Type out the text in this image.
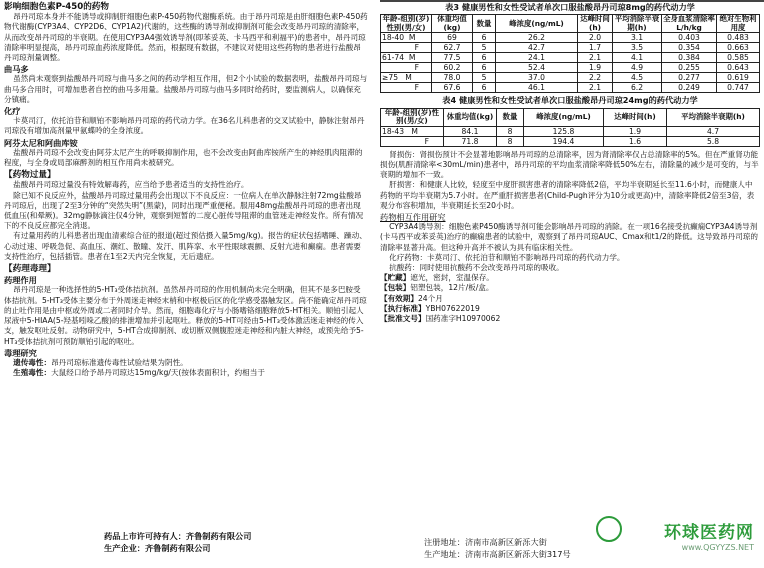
影响细胞色素P-450的药物

昂丹司琼本身并不能诱导或抑制肝细胞色素P-450药物代谢酶系统。由于昂丹司琼是由肝细胞色素P-450药物代谢酶(CYP3A4、CYP2D6、CYP1A2)代谢的，这些酶的诱导剂或抑制剂可能会改变昂丹司琼的清除率，从而改变昂丹司琼的半衰期。在使用CYP3A4强效诱导剂(即苯妥英、卡马西平和利福平)的患者中，昂丹司琼清除率明显提高，昂丹司琼血药浓度降低。然而，根据现有数据，不建议对使用这些药物的患者进行盐酸昂丹司琼剂量调整。

曲马多

虽然尚未观察到盐酸昂丹司琼与曲马多之间的药动学相互作用，但2个小试验的数据表明，盐酸昂丹司琼与曲马多合用时，可增加患者自控的曲马多用量。盐酸昂丹司琼与曲马多同时给药时，要监测病人，以确保充分镇痛。

化疗

卡莫司汀，依托泊苷和顺铂不影响昂丹司琼的药代动力学。在36名儿科患者的交叉试验中，静脉注射昂丹司琼没有增加高剂量甲氨蝶呤的全身浓度。

阿芬太尼和阿曲库铵

盐酸昂丹司琼不会改变由阿芬太尼产生的呼吸抑制作用，也不会改变由阿曲库铵所产生的神经肌肉阻滞的程度，与全身或局部麻醉剂的相互作用尚未被研究。

【药物过量】

盐酸昂丹司琼过量没有特效解毒药，应当给予患者适当的支持性治疗。

除已知不良反应外，盐酸昂丹司琼过量用药会出现以下不良反应：一位病人在单次静脉注射72mg盐酸昂丹司琼后，出现了2至3分钟的“突然失明”(黑蒙)，同时出现严重便秘。服用48mg盐酸昂丹司琼的患者出现低血压(和晕厥)。32mg静脉滴注仅4分钟，观察到短暂的二度心脏传导阻滞的血管迷走神经发作。所有情况下的不良反应都完全消退。

有过量用药的儿科患者出现血清素综合征的报道(超过预估摄入量5mg/kg)。报告的症状包括嗜睡、躁动、心动过速、呼吸急促、高血压、潮红、散瞳、发汗、肌阵挛、水平性眼球震颤、反射亢进和癫痫。患者需要支持性治疗，包括插管。患者在1至2天内完全恢复，无后遗症。

【药理毒理】
药理作用

昂丹司琼是一种选择性的5-HT₃受体拮抗剂。虽然昂丹司琼的作用机制尚未完全明确，但其不是多巴胺受体拮抗剂。5-HT₃受体主要分布于外周迷走神经末梢和中枢极后区的化学感受器触发区。尚不能确定昂丹司琼的止吐作用是由中枢或外周或二者同时介导。然而，细胞毒化疗与小肠嗜铬细胞释放5-HT相关。顺铂引起人尿液中5-HIAA(5-羟基吲哚乙酸)的排泄增加并引起呕吐。释放的5-HT可经由5-HT₃受体激活迷走神经的传入支，触发呕吐反射。动物研究中，5-HT合成抑制剂、或切断双侧腹腔迷走神经和内脏大神经，或预先给予5-HT₃受体拮抗剂可预防顺铂引起的呕吐。

毒理研究

遗传毒性：昂丹司琼标准遗传毒性试验结果为阴性。

生殖毒性：大鼠经口给予昂丹司琼达15mg/kg/天(按体表面积计，约相当于

表3 健康男性和女性受试者单次口服盐酸昂丹司琼8mg的药代动力学
年龄-组别(岁)性别(男/女)	体重均值(kg)	数量	峰浓度(ng/mL)	达峰时间(h)	平均消除半衰期(h)	全身血浆清除率L/h/kg	绝对生物利用度
18-40 M	69	6	26.2	2.0	3.1	0.403	0.483
F	62.7	5	42.7	1.7	3.5	0.354	0.663
61-74 M	77.5	6	24.1	2.1	4.1	0.384	0.585
F	60.2	6	52.4	1.9	4.9	0.255	0.643
≥75 M	78.0	5	37.0	2.2	4.5	0.277	0.619
F	67.6	6	46.1	2.1	6.2	0.249	0.747
表4 健康男性和女性受试者单次口服盐酸昂丹司琼24mg的药代动力学
年龄-组别(岁)性别(男/女)	体重均值(kg)	数量	峰浓度(ng/mL)	达峰时间(h)	平均消除半衰期(h)
18-43 M	84.1	8	125.8	1.9	4.7
F	71.8	8	194.4	1.6	5.8

肾损伤：肾损伤预计不会显著地影响昂丹司琼的总清除率，因为肾清除率仅占总清除率的5%。但在严重肾功能损伤(肌酐清除率<30mL/min)患者中，昂丹司琼的平均血浆清除率降低50%左右，清除量的减少是可变的，与半衰期的增加不一致。

肝损害：和健康人比较，轻度至中度肝损害患者的清除率降低2倍，平均半衰期延长至11.6小时，而健康人中药物的平均半衰期为5.7小时。在严重肝损害患者(Child-Pugh评分为10分或更高)中，清除率降低2倍至3倍，表观分布容积增加，半衰期延长至20小时。

药物相互作用研究

CYP3A4诱导剂：细胞色素P450酶诱导剂可能会影响昂丹司琼的消除。在一项16名接受抗癫痫CYP3A4诱导剂(卡马西平或苯妥英)治疗的癫痫患者的试验中，观察到了昂丹司琼AUC、Cmax和t1/2的降低。这导致昂丹司琼的清除率显著升高。但这种升高并不被认为具有临床相关性。

化疗药物：卡莫司汀、依托泊苷和顺铂不影响昂丹司琼的药代动力学。

抗酸药：同时使用抗酸药不会改变昂丹司琼的吸收。

【贮藏】遮光，密封，室温保存。

【包装】铝塑包装，12片/板/盒。

【有效期】24个月

【执行标准】YBH07622019

【批准文号】国药准字H10970062

药品上市许可持有人：齐鲁制药有限公司
生产企业：齐鲁制药有限公司
注册地址：济南市高新区新泺大街
生产地址：济南市高新区新泺大街317号
环球医药网
www.QGYYZS.NET
